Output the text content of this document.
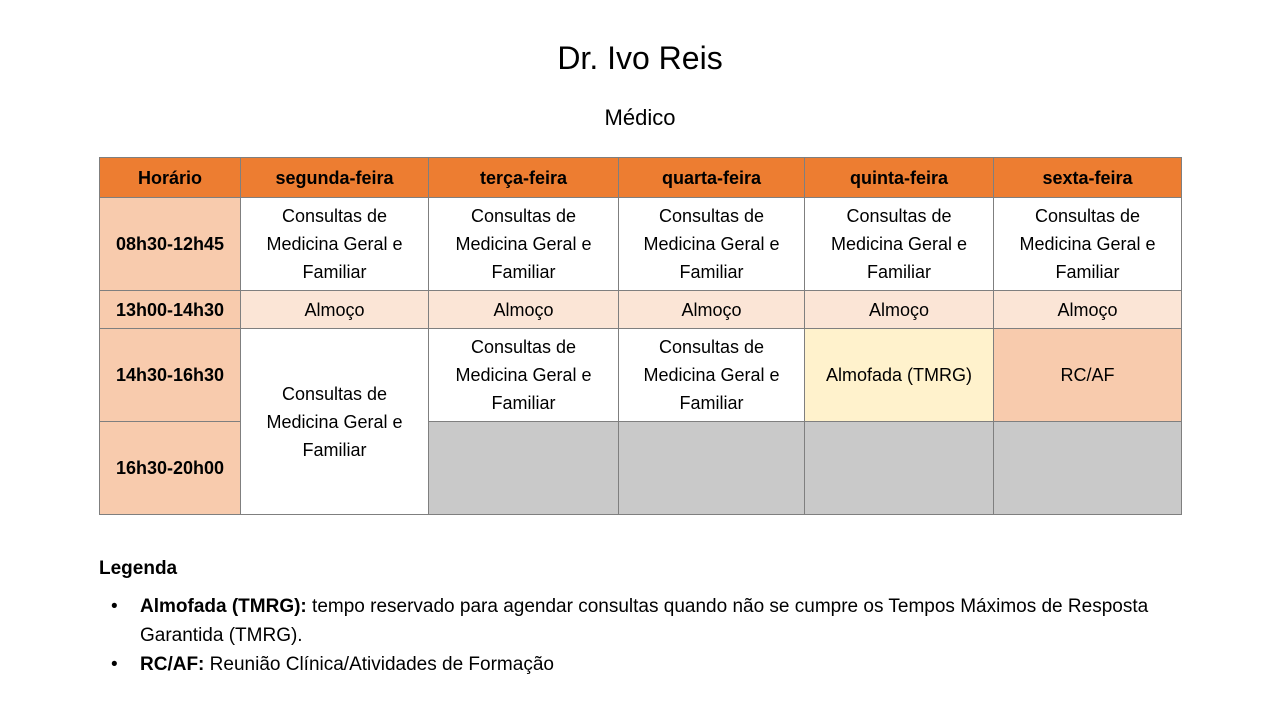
Dr. Ivo Reis
Médico
Horário	segunda-feira	terça-feira	quarta-feira	quinta-feira	sexta-feira
08h30-12h45	Consultas de Medicina Geral e Familiar	Consultas de Medicina Geral e Familiar	Consultas de Medicina Geral e Familiar	Consultas de Medicina Geral e Familiar	Consultas de Medicina Geral e Familiar
13h00-14h30	Almoço	Almoço	Almoço	Almoço	Almoço
14h30-16h30	Consultas de Medicina Geral e Familiar	Consultas de Medicina Geral e Familiar	Consultas de Medicina Geral e Familiar	Almofada (TMRG)	RC/AF
16h30-20h00					
Legenda
• Almofada (TMRG): tempo reservado para agendar consultas quando não se cumpre os Tempos Máximos de Resposta Garantida (TMRG).
• RC/AF: Reunião Clínica/Atividades de Formação
